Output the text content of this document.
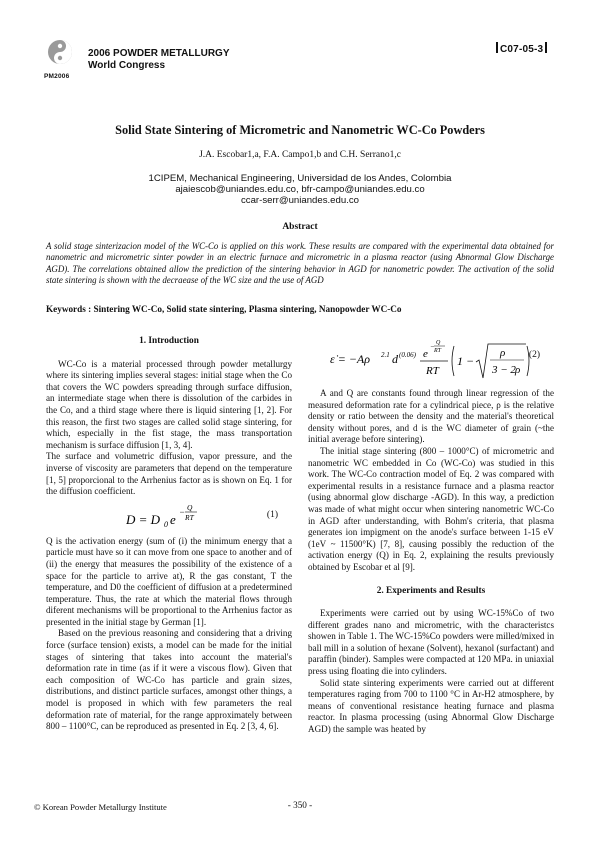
PM2006
2006 POWDER METALLURGY
World Congress
C07-05-3
Solid State Sintering of Micrometric and Nanometric WC-Co Powders
J.A. Escobar1,a, F.A. Campo1,b and C.H. Serrano1,c
1CIPEM, Mechanical Engineering, Universidad de los Andes, Colombia
ajaiescob@uniandes.edu.co, bfr-campo@uniandes.edu.co
ccar-serr@uniandes.edu.co
Abstract
A solid stage sinterizacion model of the WC-Co is applied on this work. These results are compared with the experimental data obtained for nanometric and micrometric sinter powder in an electric furnace and micrometric in a plasma reactor (using Abnormal Glow Discharge AGD). The correlations obtained allow the prediction of the sintering behavior in AGD for nanometric powder. The activation of the solid state sintering is shown with the decraease of the WC size and the use of AGD
Keywords : Sintering WC-Co, Solid state sintering, Plasma sintering, Nanopowder WC-Co
1. Introduction

WC-Co is a material processed through powder metallurgy where its sintering implies several stages: initial stage when the Co that covers the WC powders spreading through surface diffusion, an intermediate stage when there is dissolution of the carbides in the Co, and a third stage where there is liquid sintering [1, 2]. For this reason, the first two stages are called solid stage sintering, for which, especially in the fist stage, the mass transportation mechanism is surface diffusion [1, 3, 4].

The surface and volumetric diffusion, vapor pressure, and the inverse of viscosity are parameters that depend on the temperature [1, 5] proporcional to the Arrhenius factor as is shown on Eq. 1 for the diffusion coefficient.

D = D 0 e − Q
RT	(1)

Q is the activation energy (sum of (i) the minimum energy that a particle must have so it can move from one space to another and of (ii) the energy that measures the possibility of the existence of a space for the particle to arrive at), R the gas constant, T the temperature, and D0 the coefficient of diffusion at a predetermined temperature. Thus, the rate at which the material flows through diferent mechanisms will be proportional to the Arrhenius factor as presented in the initial stage by German [1].

Based on the previous reasoning and considering that a driving force (surface tension) exists, a model can be made for the initial stages of sintering that takes into account the material's deformation rate in time (as if it were a viscous flow). Given that each composition of WC-Co has particle and grain sizes, distributions, and distinct particle surfaces, amongst other things, a model is proposed in which with few parameters the real deformation rate of material, for the range approximately between 800 – 1100°C, can be reproduced as presented in Eq. 2 [3, 4, 6].

ε̇ = −Aρ 2.1 d (0.06) e
− Q
RT
RT
1 −
ρ
3 − 2 ρ
(2)

A and Q are constants found through linear regression of the measured deformation rate for a cylindrical piece, ρ is the relative density or ratio between the density and the material's theoretical density without pores, and d is the WC diameter of grain (~the initial average before sintering).

The initial stage sintering (800 – 1000°C) of micrometric and nanometric WC embedded in Co (WC-Co) was studied in this work. The WC-Co contraction model of Eq. 2 was compared with experimental results in a resistance furnace and a plasma reactor (using abnormal glow discharge -AGD). In this way, a prediction was made of what might occur when sintering nanometric WC-Co in AGD after understanding, with Bohm's criteria, that plasma generates ion impigment on the anode's surface between 1-15 eV (1eV ~ 11500°K) [7, 8], causing possibly the reduction of the activation energy (Q) in Eq. 2, explaining the results previously obtained by Escobar et al [9].

2. Experiments and Results

Experiments were carried out by using WC-15%Co of two different grades nano and micrometric, with the characteristcs showen in Table 1. The WC-15%Co powders were milled/mixed in ball mill in a solution of hexane (Solvent), hexanol (surfactant) and paraffin (binder). Samples were compacted at 120 MPa. in uniaxial press using floating die into cylinders.

Solid state sintering experiments were carried out at different temperatures raging from 700 to 1100 °C in Ar-H2 atmosphere, by means of conventional resistance heating furnace and plasma reactor. In plasma processing (using Abnormal Glow Discharge AGD) the sample was heated by

© Korean Powder Metallurgy Institute	- 350 -
